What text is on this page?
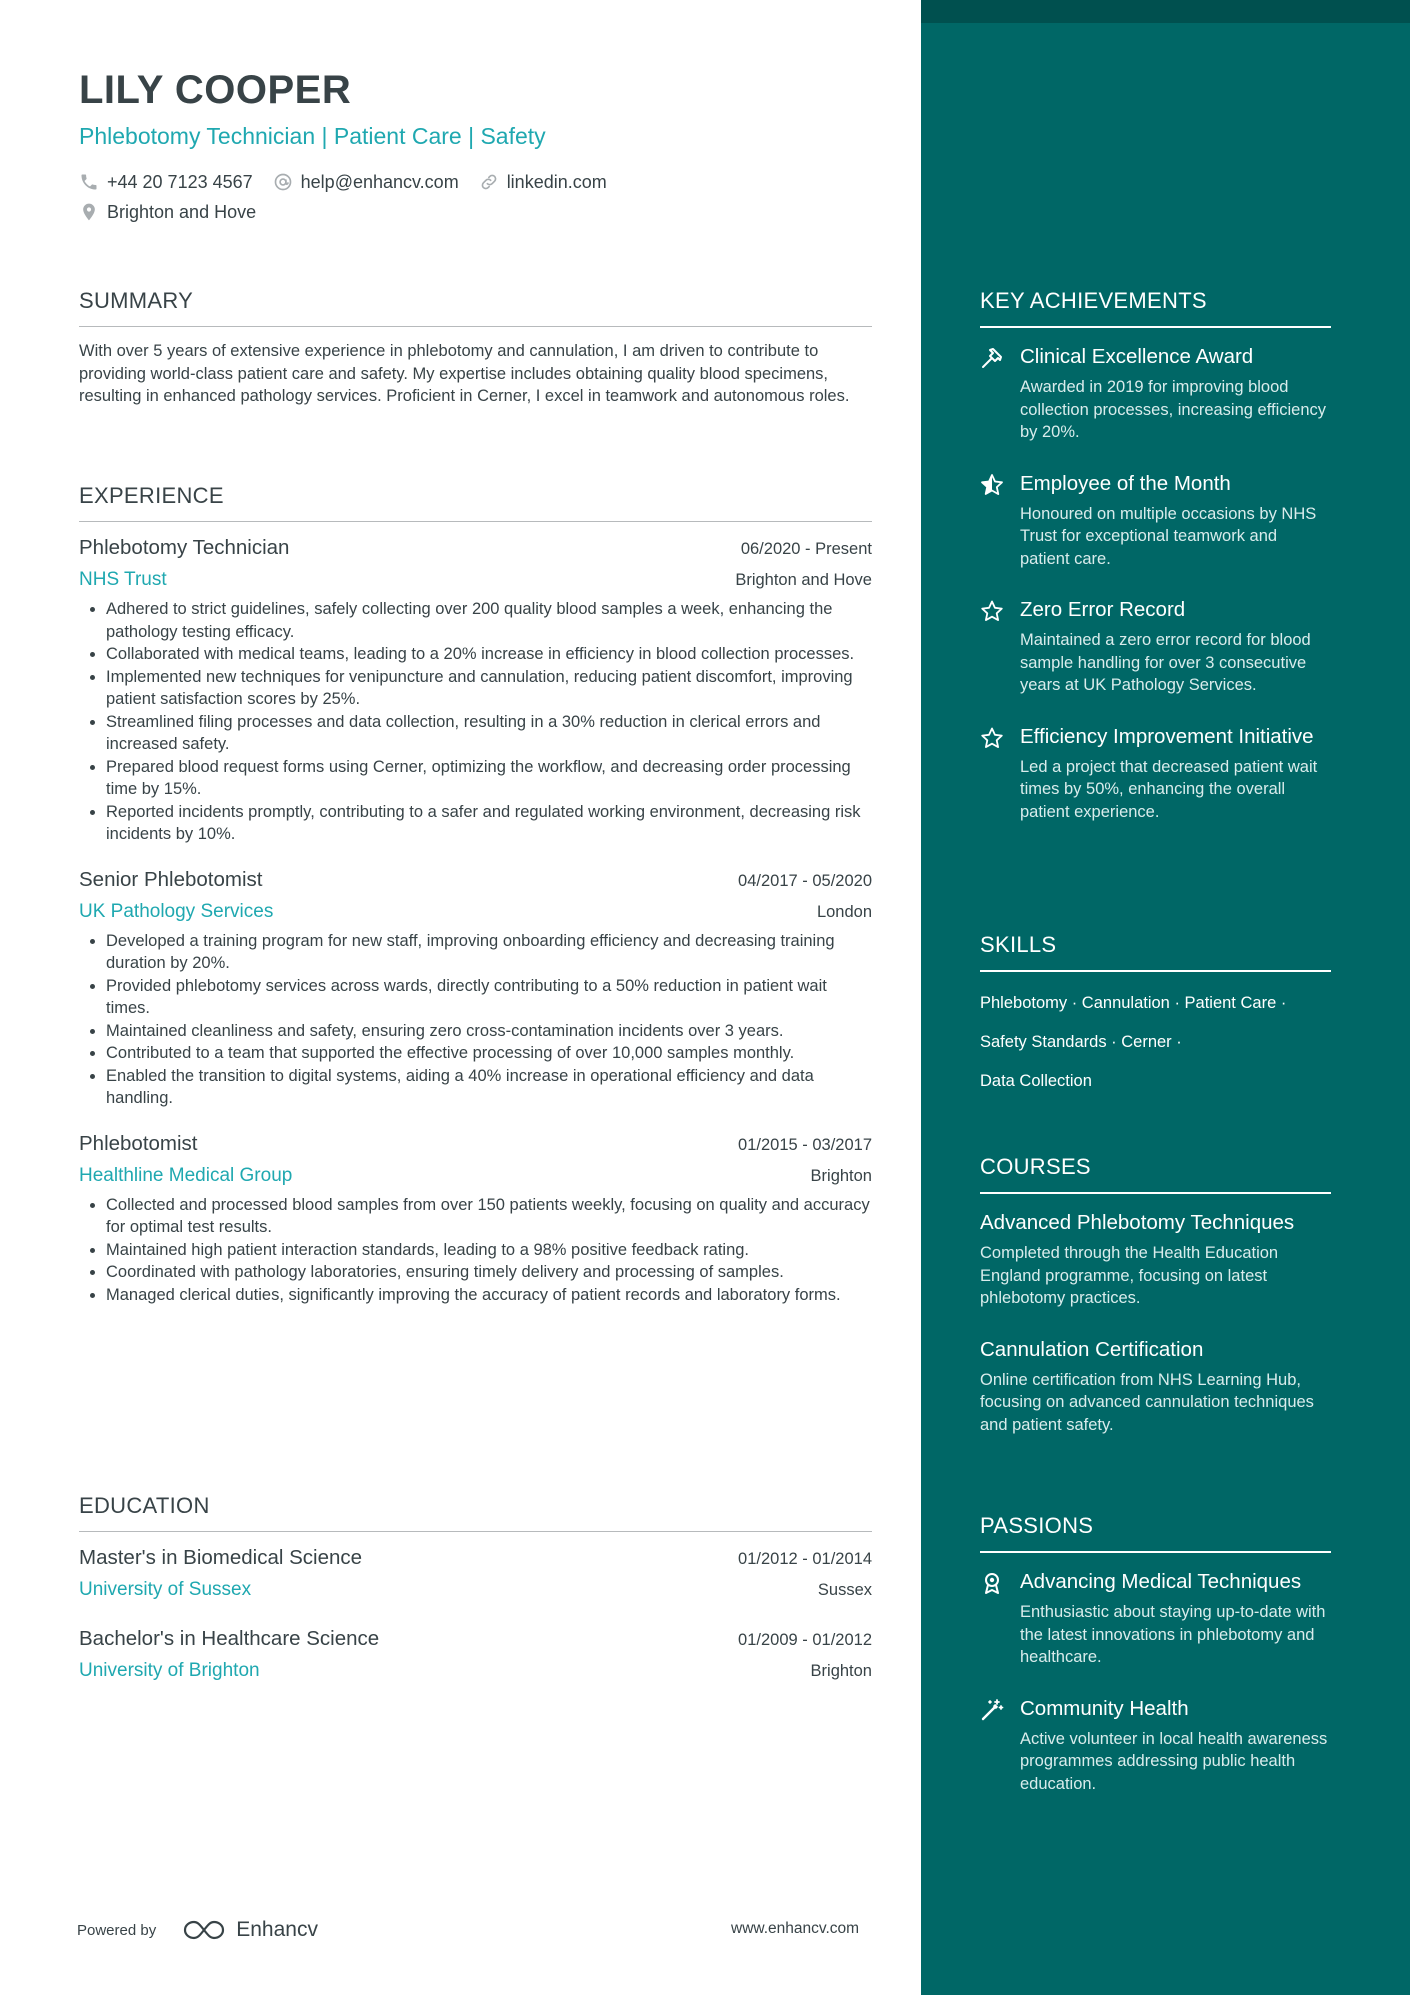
LILY COOPER
Phlebotomy Technician | Patient Care | Safety
+44 20 7123 4567	help@enhancv.com	linkedin.com
Brighton and Hove
SUMMARY
With over 5 years of extensive experience in phlebotomy and cannulation, I am driven to contribute to providing world-class patient care and safety. My expertise includes obtaining quality blood specimens, resulting in enhanced pathology services. Proficient in Cerner, I excel in teamwork and autonomous roles.
EXPERIENCE
Phlebotomy Technician	06/2020 - Present
NHS Trust	Brighton and Hove
• Adhered to strict guidelines, safely collecting over 200 quality blood samples a week, enhancing the pathology testing efficacy.
• Collaborated with medical teams, leading to a 20% increase in efficiency in blood collection processes.
• Implemented new techniques for venipuncture and cannulation, reducing patient discomfort, improving patient satisfaction scores by 25%.
• Streamlined filing processes and data collection, resulting in a 30% reduction in clerical errors and increased safety.
• Prepared blood request forms using Cerner, optimizing the workflow, and decreasing order processing time by 15%.
• Reported incidents promptly, contributing to a safer and regulated working environment, decreasing risk incidents by 10%.
Senior Phlebotomist	04/2017 - 05/2020
UK Pathology Services	London
• Developed a training program for new staff, improving onboarding efficiency and decreasing training duration by 20%.
• Provided phlebotomy services across wards, directly contributing to a 50% reduction in patient wait times.
• Maintained cleanliness and safety, ensuring zero cross-contamination incidents over 3 years.
• Contributed to a team that supported the effective processing of over 10,000 samples monthly.
• Enabled the transition to digital systems, aiding a 40% increase in operational efficiency and data handling.
Phlebotomist	01/2015 - 03/2017
Healthline Medical Group	Brighton
• Collected and processed blood samples from over 150 patients weekly, focusing on quality and accuracy for optimal test results.
• Maintained high patient interaction standards, leading to a 98% positive feedback rating.
• Coordinated with pathology laboratories, ensuring timely delivery and processing of samples.
• Managed clerical duties, significantly improving the accuracy of patient records and laboratory forms.
EDUCATION
Master's in Biomedical Science	01/2012 - 01/2014
University of Sussex	Sussex
Bachelor's in Healthcare Science	01/2009 - 01/2012
University of Brighton	Brighton
Powered by	Enhancv	www.enhancv.com
KEY ACHIEVEMENTS
Clinical Excellence Award
Awarded in 2019 for improving blood collection processes, increasing efficiency by 20%.
Employee of the Month
Honoured on multiple occasions by NHS Trust for exceptional teamwork and patient care.
Zero Error Record
Maintained a zero error record for blood sample handling for over 3 consecutive years at UK Pathology Services.
Efficiency Improvement Initiative
Led a project that decreased patient wait times by 50%, enhancing the overall patient experience.
SKILLS
Phlebotomy · Cannulation · Patient Care ·
Safety Standards · Cerner ·
Data Collection
COURSES
Advanced Phlebotomy Techniques
Completed through the Health Education England programme, focusing on latest phlebotomy practices.
Cannulation Certification
Online certification from NHS Learning Hub, focusing on advanced cannulation techniques and patient safety.
PASSIONS
Advancing Medical Techniques
Enthusiastic about staying up-to-date with the latest innovations in phlebotomy and healthcare.
Community Health
Active volunteer in local health awareness programmes addressing public health education.
